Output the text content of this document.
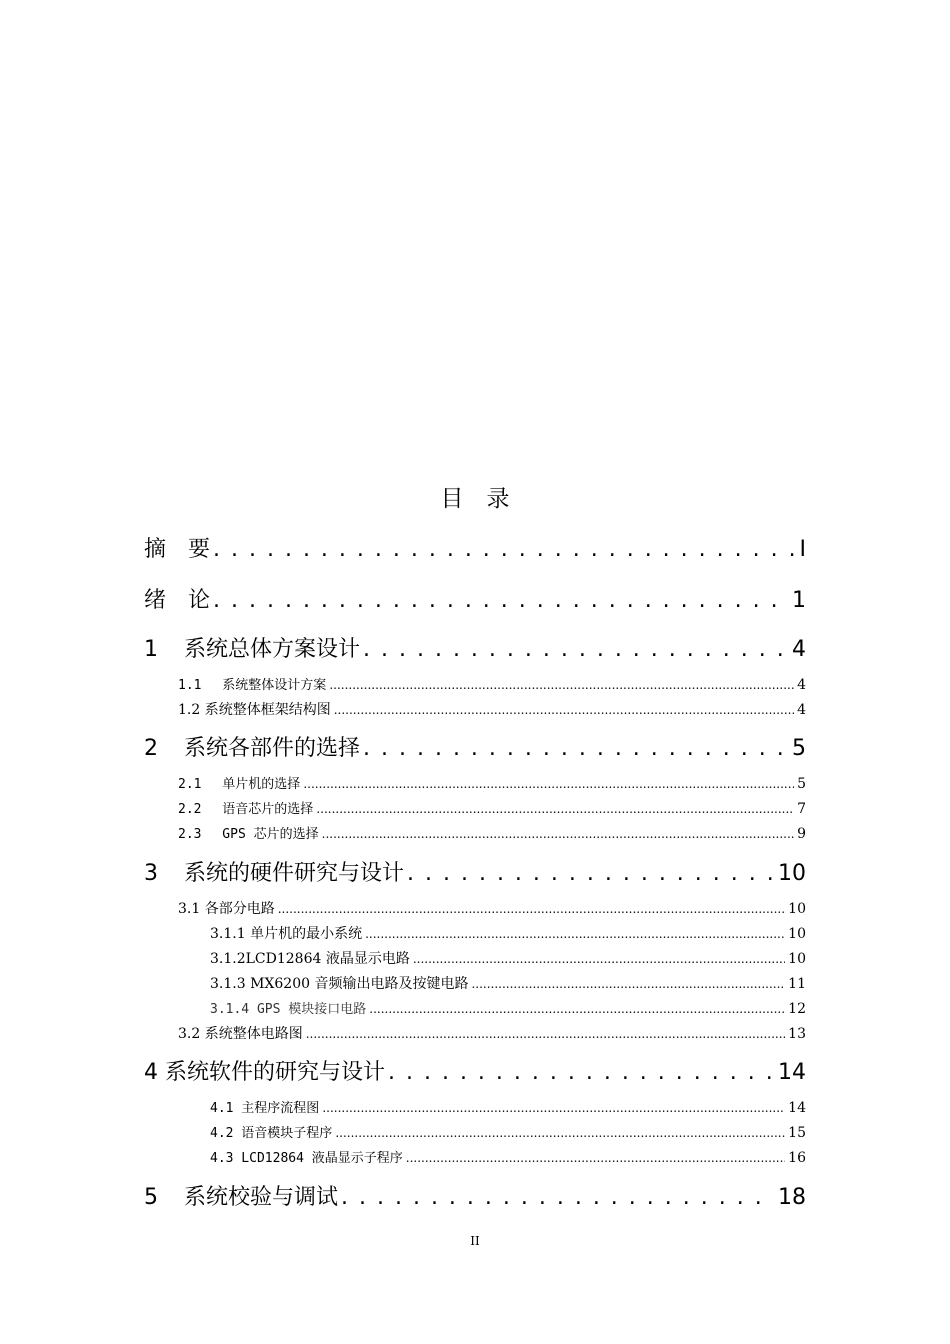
目　录
摘　要 . . .	I
绪　论 . . .	1
1	系统总体方案设计 . . .	4
1.1　 系统整体设计方案 .....	4
1.2 系统整体框架结构图 .....	4
2	系统各部件的选择 . . .	5
2.1　 单片机的选择 .....	5
2.2　 语音芯片的选择 .....	7
2.3　 GPS 芯片的选择 .....	9
3	系统的硬件研究与设计 . . .	10
3.1 各部分电路 .....	10
3.1.1 单片机的最小系统 .....	10
3.1.2LCD12864 液晶显示电路 .....	10
3.1.3 MX6200 音频输出电路及按键电路 .....	11
3.1.4 GPS 模块接口电路 .....	12
3.2 系统整体电路图 .....	13
4 系统软件的研究与设计 . . .	14
4.1 主程序流程图 .....	14
4.2 语音模块子程序 .....	15
4.3 LCD12864 液晶显示子程序 .....	16
5	系统校验与调试 . . .	18
II
